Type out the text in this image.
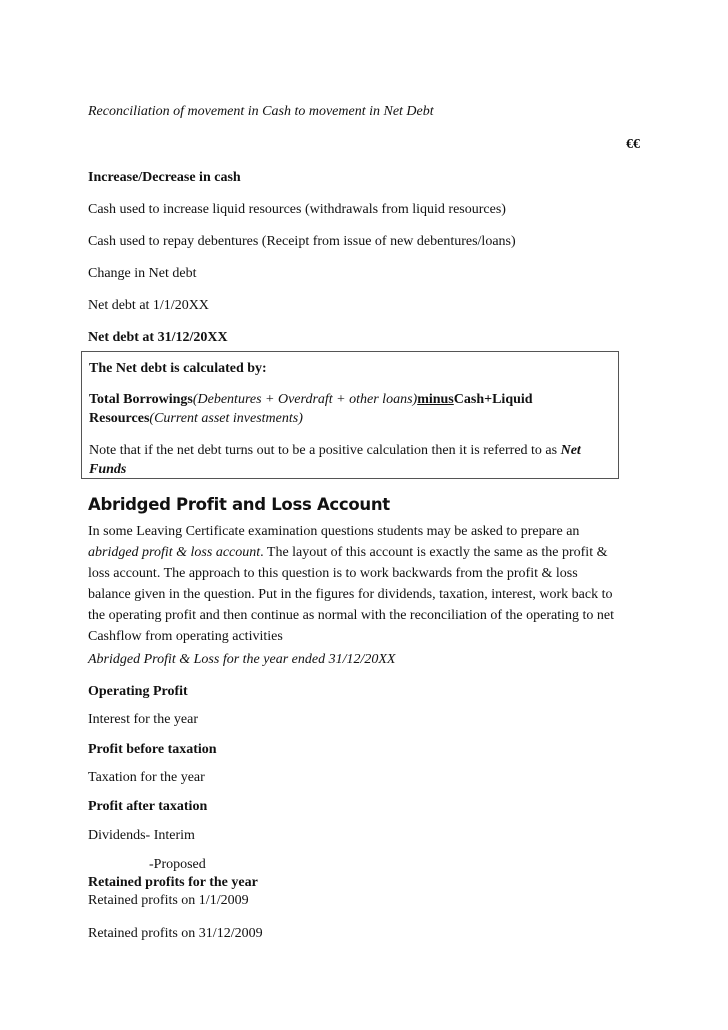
Reconciliation of movement in Cash to movement in Net Debt
€€
Increase/Decrease in cash
Cash used to increase liquid resources (withdrawals from liquid resources)
Cash used to repay debentures (Receipt from issue of new debentures/loans)
Change in Net debt
Net debt at 1/1/20XX
Net debt at 31/12/20XX
The Net debt is calculated by:
Total Borrowings(Debentures + Overdraft + other loans)minusCash+Liquid
Resources(Current asset investments)
Note that if the net debt turns out to be a positive calculation then it is referred to as Net
Funds
Abridged Profit and Loss Account
In some Leaving Certificate examination questions students may be asked to prepare an
abridged profit & loss account. The layout of this account is exactly the same as the profit &
loss account. The approach to this question is to work backwards from the profit & loss
balance given in the question. Put in the figures for dividends, taxation, interest, work back to
the operating profit and then continue as normal with the reconciliation of the operating to net
Cashflow from operating activities
Abridged Profit & Loss for the year ended 31/12/20XX
Operating Profit
Interest for the year
Profit before taxation
Taxation for the year
Profit after taxation
Dividends- Interim
-Proposed
Retained profits for the year
Retained profits on 1/1/2009
Retained profits on 31/12/2009
